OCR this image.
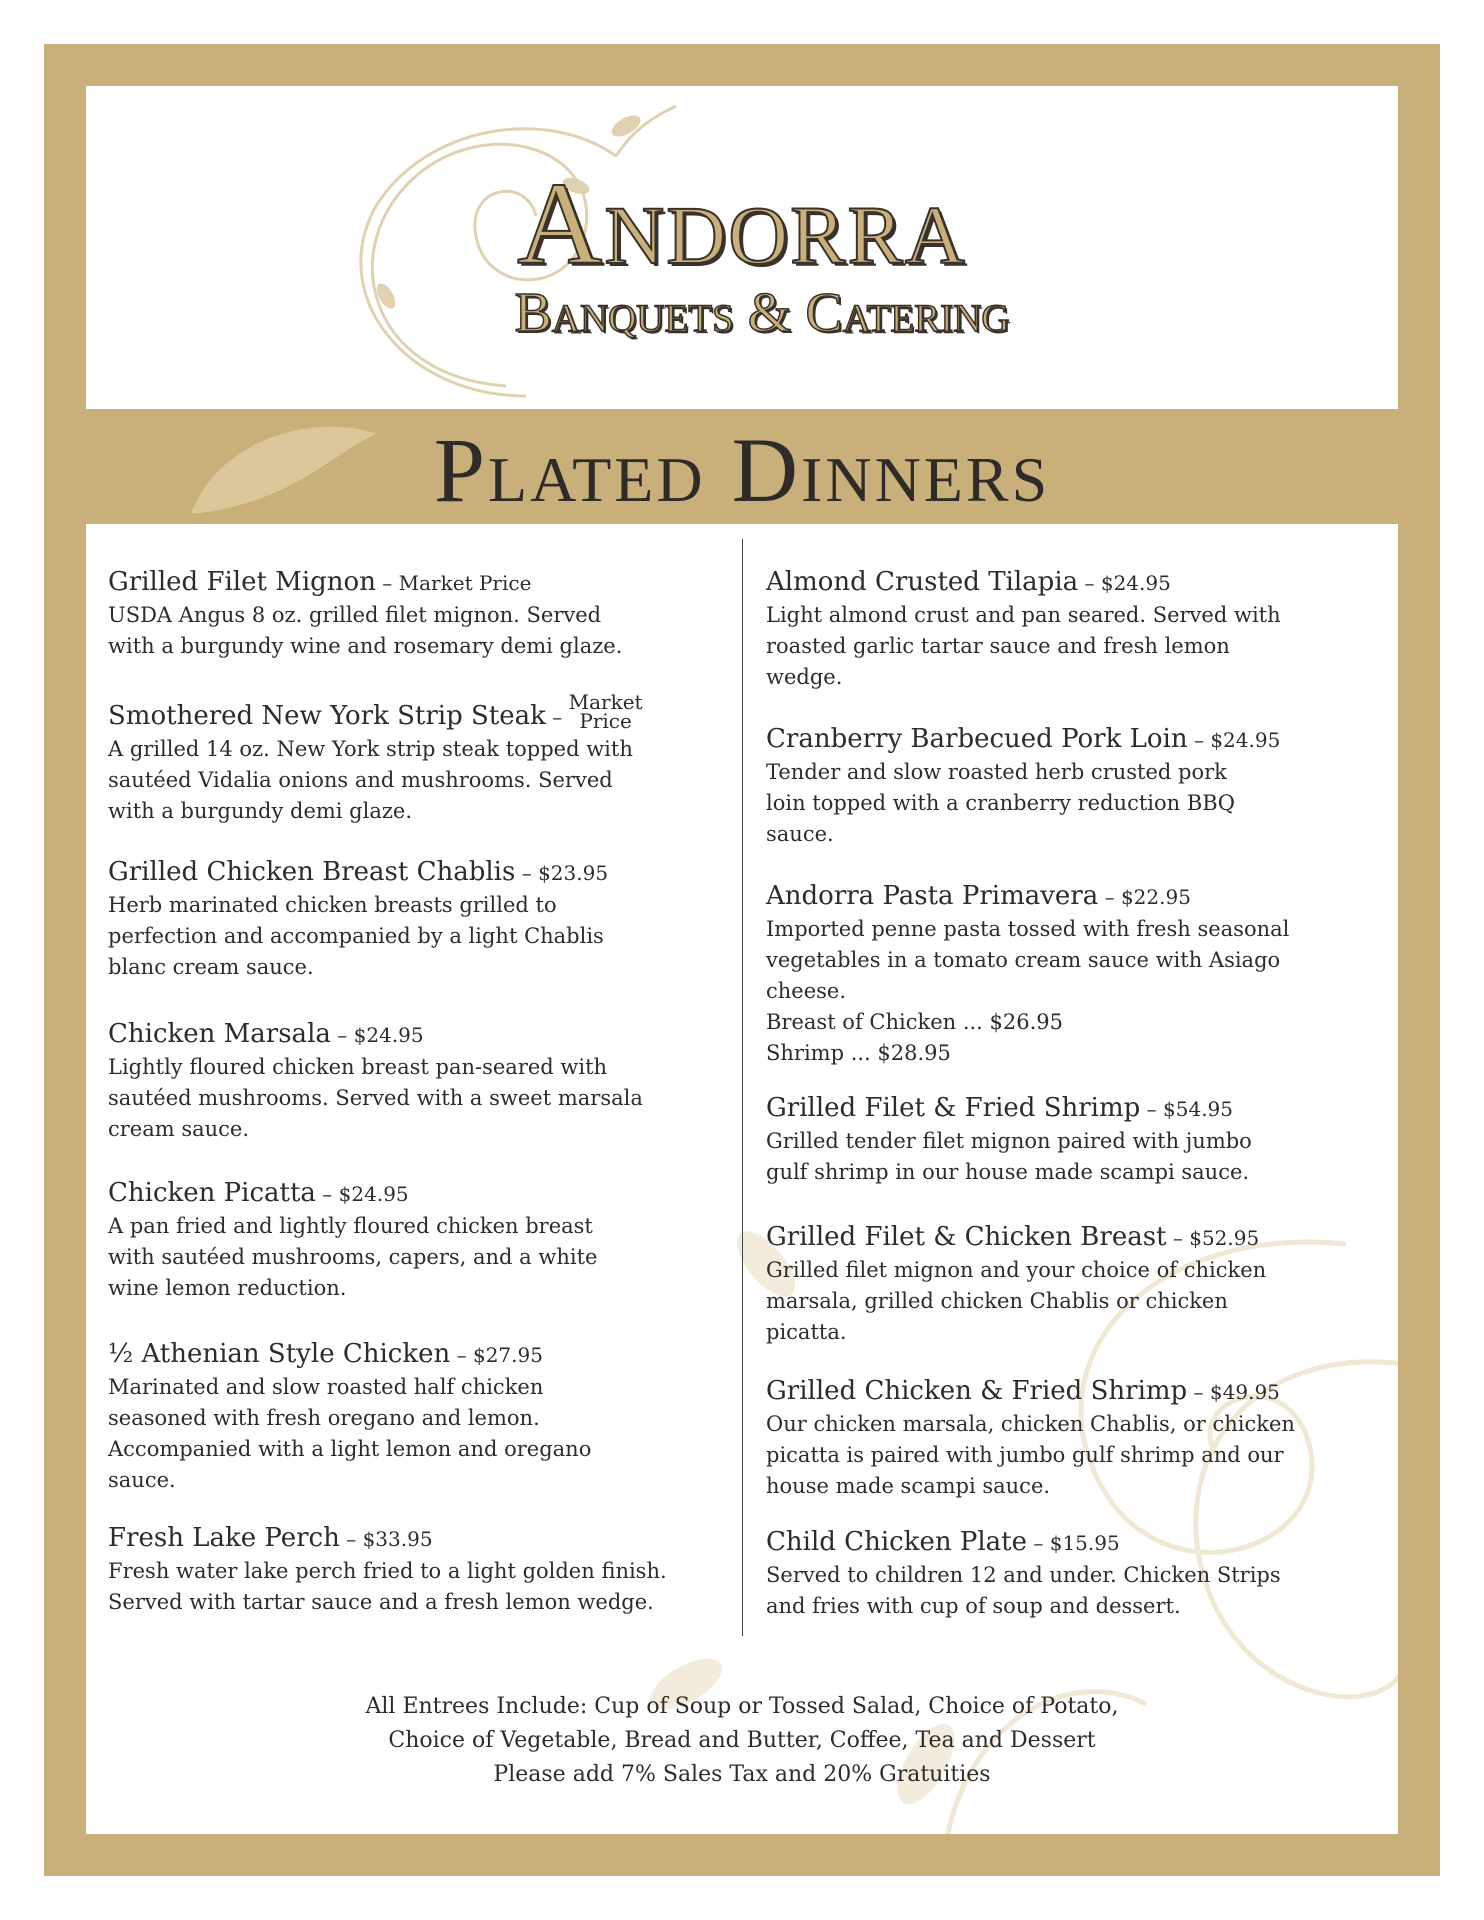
Andorra
Banquets & Catering
Plated Dinners
Grilled Filet Mignon – Market Price
USDA Angus 8 oz. grilled filet mignon. Served
with a burgundy wine and rosemary demi glaze.
Smothered New York Strip Steak –
Market
Price
A grilled 14 oz. New York strip steak topped with
sautéed Vidalia onions and mushrooms. Served
with a burgundy demi glaze.
Grilled Chicken Breast Chablis – $23.95
Herb marinated chicken breasts grilled to
perfection and accompanied by a light Chablis
blanc cream sauce.
Chicken Marsala – $24.95
Lightly floured chicken breast pan-seared with
sautéed mushrooms. Served with a sweet marsala
cream sauce.
Chicken Picatta – $24.95
A pan fried and lightly floured chicken breast
with sautéed mushrooms, capers, and a white
wine lemon reduction.
½ Athenian Style Chicken – $27.95
Marinated and slow roasted half chicken
seasoned with fresh oregano and lemon.
Accompanied with a light lemon and oregano
sauce.
Fresh Lake Perch – $33.95
Fresh water lake perch fried to a light golden finish.
Served with tartar sauce and a fresh lemon wedge.
Almond Crusted Tilapia – $24.95
Light almond crust and pan seared. Served with
roasted garlic tartar sauce and fresh lemon
wedge.
Cranberry Barbecued Pork Loin – $24.95
Tender and slow roasted herb crusted pork
loin topped with a cranberry reduction BBQ
sauce.
Andorra Pasta Primavera – $22.95
Imported penne pasta tossed with fresh seasonal
vegetables in a tomato cream sauce with Asiago
cheese.
Breast of Chicken ... $26.95
Shrimp ... $28.95
Grilled Filet & Fried Shrimp – $54.95
Grilled tender filet mignon paired with jumbo
gulf shrimp in our house made scampi sauce.
Grilled Filet & Chicken Breast – $52.95
Grilled filet mignon and your choice of chicken
marsala, grilled chicken Chablis or chicken
picatta.
Grilled Chicken & Fried Shrimp – $49.95
Our chicken marsala, chicken Chablis, or chicken
picatta is paired with jumbo gulf shrimp and our
house made scampi sauce.
Child Chicken Plate – $15.95
Served to children 12 and under. Chicken Strips
and fries with cup of soup and dessert.
All Entrees Include: Cup of Soup or Tossed Salad, Choice of Potato,
Choice of Vegetable, Bread and Butter, Coffee, Tea and Dessert
Please add 7% Sales Tax and 20% Gratuities
